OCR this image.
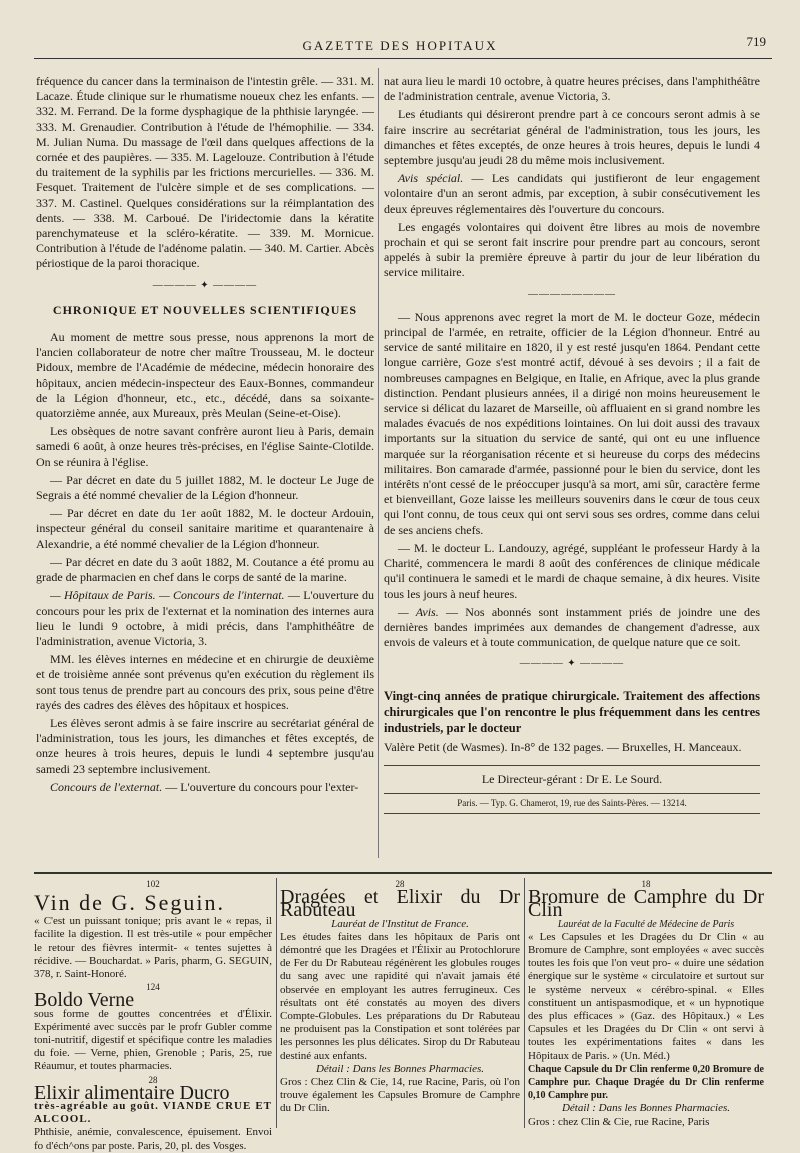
GAZETTE DES HOPITAUX	719

fréquence du cancer dans la terminaison de l'intestin grêle. — 331. M. Lacaze. Étude clinique sur le rhumatisme noueux chez les enfants. — 332. M. Ferrand. De la forme dysphagique de la phthisie laryngée. — 333. M. Grenaudier. Contribution à l'étude de l'hémophilie. — 334. M. Julian Numa. Du massage de l'œil dans quelques affections de la cornée et des paupières. — 335. M. Lagelouze. Contribution à l'étude du traitement de la syphilis par les frictions mercurielles. — 336. M. Fesquet. Traitement de l'ulcère simple et de ses complications. — 337. M. Castinel. Quelques considérations sur la réimplantation des dents. — 338. M. Carboué. De l'iridectomie dans la kératite parenchymateuse et la scléro-kératite. — 339. M. Mornicue. Contribution à l'étude de l'adénome palatin. — 340. M. Cartier. Abcès périostique de la paroi thoracique.

———— ✦ ————
CHRONIQUE ET NOUVELLES SCIENTIFIQUES

Au moment de mettre sous presse, nous apprenons la mort de l'ancien collaborateur de notre cher maître Trousseau, M. le docteur Pidoux, membre de l'Académie de médecine, médecin honoraire des hôpitaux, ancien médecin-inspecteur des Eaux-Bonnes, commandeur de la Légion d'honneur, etc., etc., décédé, dans sa soixante-quatorzième année, aux Mureaux, près Meulan (Seine-et-Oise).

Les obsèques de notre savant confrère auront lieu à Paris, demain samedi 6 août, à onze heures très-précises, en l'église Sainte-Clotilde. On se réunira à l'église.

— Par décret en date du 5 juillet 1882, M. le docteur Le Juge de Segrais a été nommé chevalier de la Légion d'honneur.

— Par décret en date du 1er août 1882, M. le docteur Ardouin, inspecteur général du conseil sanitaire maritime et quarantenaire à Alexandrie, a été nommé chevalier de la Légion d'honneur.

— Par décret en date du 3 août 1882, M. Coutance a été promu au grade de pharmacien en chef dans le corps de santé de la marine.

— Hôpitaux de Paris. — Concours de l'internat. — L'ouverture du concours pour les prix de l'externat et la nomination des internes aura lieu le lundi 9 octobre, à midi précis, dans l'amphithéâtre de l'administration, avenue Victoria, 3.

MM. les élèves internes en médecine et en chirurgie de deuxième et de troisième année sont prévenus qu'en exécution du règlement ils sont tous tenus de prendre part au concours des prix, sous peine d'être rayés des cadres des élèves des hôpitaux et hospices.

Les élèves seront admis à se faire inscrire au secrétariat général de l'administration, tous les jours, les dimanches et fêtes exceptés, de onze heures à trois heures, depuis le lundi 4 septembre jusqu'au samedi 23 septembre inclusivement.

Concours de l'externat. — L'ouverture du concours pour l'exter-

nat aura lieu le mardi 10 octobre, à quatre heures précises, dans l'amphithéâtre de l'administration centrale, avenue Victoria, 3.

Les étudiants qui désireront prendre part à ce concours seront admis à se faire inscrire au secrétariat général de l'administration, tous les jours, les dimanches et fêtes exceptés, de onze heures à trois heures, depuis le lundi 4 septembre jusqu'au jeudi 28 du même mois inclusivement.

Avis spécial. — Les candidats qui justifieront de leur engagement volontaire d'un an seront admis, par exception, à subir consécutivement les deux épreuves réglementaires dès l'ouverture du concours.

Les engagés volontaires qui doivent être libres au mois de novembre prochain et qui se seront fait inscrire pour prendre part au concours, seront appelés à subir la première épreuve à partir du jour de leur libération du service militaire.

————————

— Nous apprenons avec regret la mort de M. le docteur Goze, médecin principal de l'armée, en retraite, officier de la Légion d'honneur. Entré au service de santé militaire en 1820, il y est resté jusqu'en 1864. Pendant cette longue carrière, Goze s'est montré actif, dévoué à ses devoirs ; il a fait de nombreuses campagnes en Belgique, en Italie, en Afrique, avec la plus grande distinction. Pendant plusieurs années, il a dirigé non moins heureusement le service si délicat du lazaret de Marseille, où affluaient en si grand nombre les malades évacués de nos expéditions lointaines. On lui doit aussi des travaux importants sur la situation du service de santé, qui ont eu une influence marquée sur la réorganisation récente et si heureuse du corps des médecins militaires. Bon camarade d'armée, passionné pour le bien du service, dont les intérêts n'ont cessé de le préoccuper jusqu'à sa mort, ami sûr, caractère ferme et bienveillant, Goze laisse les meilleurs souvenirs dans le cœur de tous ceux qui l'ont connu, de tous ceux qui ont servi sous ses ordres, comme dans celui de ses anciens chefs.

— M. le docteur L. Landouzy, agrégé, suppléant le professeur Hardy à la Charité, commencera le mardi 8 août des conférences de clinique médicale qu'il continuera le samedi et le mardi de chaque semaine, à dix heures. Visite tous les jours à neuf heures.

— Avis. — Nos abonnés sont instamment priés de joindre une des dernières bandes imprimées aux demandes de changement d'adresse, aux envois de valeurs et à toute communication, de quelque nature que ce soit.

———— ✦ ————
Vingt-cinq années de pratique chirurgicale. Traitement des affections chirurgicales que l'on rencontre le plus fréquemment dans les centres industriels, par le docteur

Valère Petit (de Wasmes). In-8° de 132 pages. — Bruxelles, H. Manceaux.

Le Directeur-gérant : Dr E. Le Sourd.
Paris. — Typ. G. Chamerot, 19, rue des Saints-Pères. — 13214.
102
Vin de G. Seguin.
« C'est un puissant tonique; pris avant le « repas, il facilite la digestion. Il est très-utile « pour empêcher le retour des fièvres intermit- « tentes sujettes à récidive. — Bouchardat. » Paris, pharm, G. SEGUIN, 378, r. Saint-Honoré.
124
Boldo Verne
sous forme de gouttes concentrées et d'Élixir. Expérimenté avec succès par le profr Gubler comme toni-nutritif, digestif et spécifique contre les maladies du foie. — Verne, phien, Grenoble ; Paris, 25, rue Réaumur, et toutes pharmacies.
28
Elixir alimentaire Ducro
très-agréable au goût. VIANDE CRUE ET ALCOOL.
Phthisie, anémie, convalescence, épuisement. Envoi fo d'éch^ons par poste. Paris, 20, pl. des Vosges.
28
Dragées et Elixir du Dr Rabuteau
Lauréat de l'Institut de France.
Les études faites dans les hôpitaux de Paris ont démontré que les Dragées et l'Élixir au Protochlorure de Fer du Dr Rabuteau régénèrent les globules rouges du sang avec une rapidité qui n'avait jamais été observée en employant les autres ferrugineux. Ces résultats ont été constatés au moyen des divers Compte-Globules. Les préparations du Dr Rabuteau ne produisent pas la Constipation et sont tolérées par les personnes les plus délicates. Sirop du Dr Rabuteau destiné aux enfants.
Détail : Dans les Bonnes Pharmacies.
Gros : Chez Clin & Cie, 14, rue Racine, Paris, où l'on trouve également les Capsules Bromure de Camphre du Dr Clin.
18
Bromure de Camphre du Dr Clin
Lauréat de la Faculté de Médecine de Paris
« Les Capsules et les Dragées du Dr Clin « au Bromure de Camphre, sont employées « avec succès toutes les fois que l'on veut pro- « duire une sédation énergique sur le système « circulatoire et surtout sur le système nerveux « cérébro-spinal. « Elles constituent un antispasmodique, et « un hypnotique des plus efficaces » (Gaz. des Hôpitaux.) « Les Capsules et les Dragées du Dr Clin « ont servi à toutes les expérimentations faites « dans les Hôpitaux de Paris. » (Un. Méd.)
Chaque Capsule du Dr Clin renferme 0,20 Bromure de Camphre pur. Chaque Dragée du Dr Clin renferme 0,10 Camphre pur.
Détail : Dans les Bonnes Pharmacies.
Gros : chez Clin & Cie, rue Racine, Paris
